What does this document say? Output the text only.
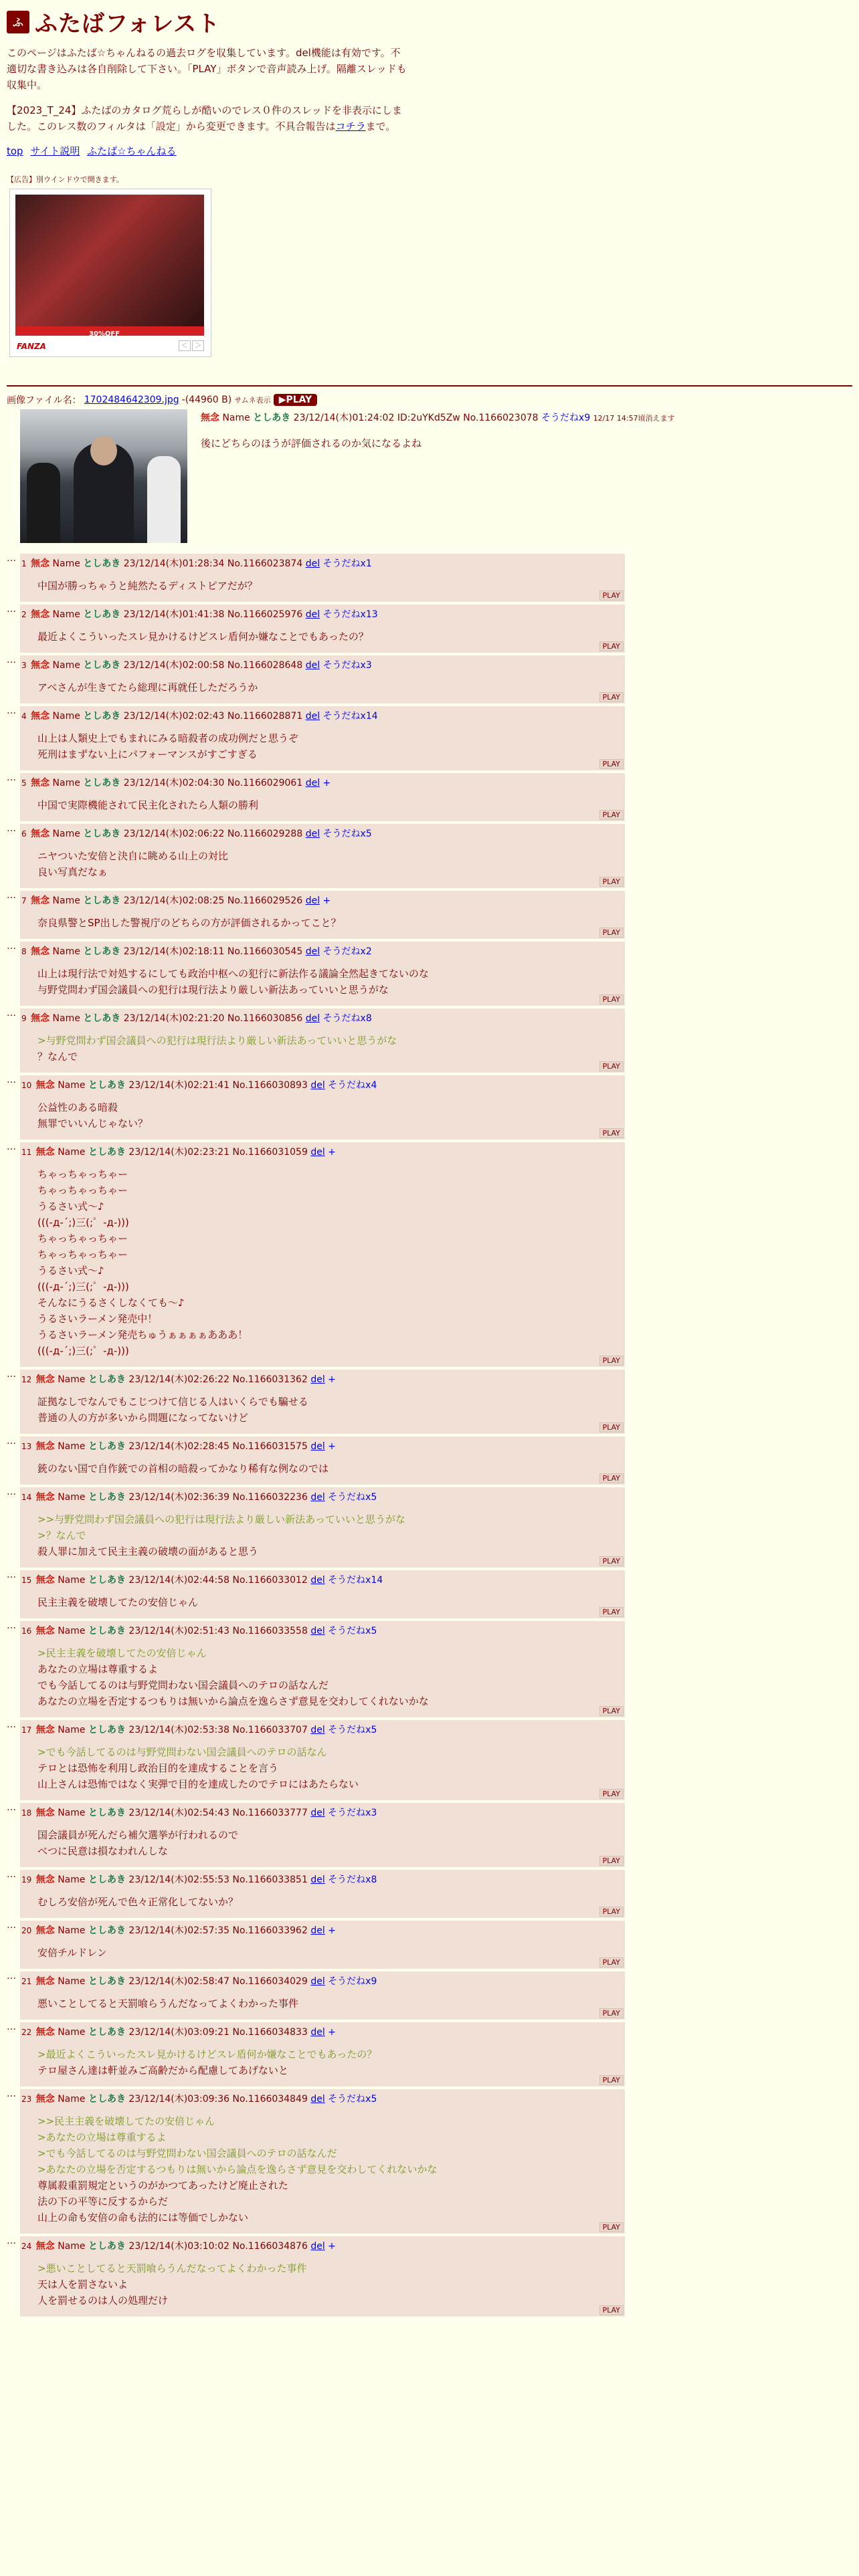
ふ ふたばフォレスト

このページはふたば☆ちゃんねるの過去ログを収集しています。del機能は有効です。不適切な書き込みは各自削除して下さい。「PLAY」ボタンで音声読み上げ。隔離スレッドも収集中。

【2023_T_24】ふたばのカタログ荒らしが酷いのでレス０件のスレッドを非表示にしました。このレス数のフィルタは「設定」から変更できます。不具合報告はコチラまで。

top サイト説明 ふたば☆ちゃんねる
【広告】別ウインドウで開きます。
30%OFF
FANZA	＜ ＞
画像ファイル名： 1702484642309.jpg -(44960 B) サムネ表示 ▶PLAY
無念 Name としあき 23/12/14(木)01:24:02 ID:2uYKd5Zw No.1166023078 そうだねx9 12/17 14:57頃消えます
後にどちらのほうが評価されるのか気になるよね
… 1 無念 Name としあき 23/12/14(木)01:28:34 No.1166023874 del そうだねx1
中国が勝っちゃうと純然たるディストピアだが？
PLAY
… 2 無念 Name としあき 23/12/14(木)01:41:38 No.1166025976 del そうだねx13
最近よくこういったスレ見かけるけどスレ盾何か嫌なことでもあったの？
PLAY
… 3 無念 Name としあき 23/12/14(木)02:00:58 No.1166028648 del そうだねx3
アベさんが生きてたら総理に再就任しただろうか
PLAY
… 4 無念 Name としあき 23/12/14(木)02:02:43 No.1166028871 del そうだねx14
山上は人類史上でもまれにみる暗殺者の成功例だと思うぞ
死刑はまずない上にパフォーマンスがすごすぎる
PLAY
… 5 無念 Name としあき 23/12/14(木)02:04:30 No.1166029061 del +
中国で実際機能されて民主化されたら人類の勝利
PLAY
… 6 無念 Name としあき 23/12/14(木)02:06:22 No.1166029288 del そうだねx5
ニヤついた安倍と決自に眺める山上の対比
良い写真だなぁ
PLAY
… 7 無念 Name としあき 23/12/14(木)02:08:25 No.1166029526 del +
奈良県警とSP出した警視庁のどちらの方が評価されるかってこと？
PLAY
… 8 無念 Name としあき 23/12/14(木)02:18:11 No.1166030545 del そうだねx2
山上は現行法で対処するにしても政治中枢への犯行に新法作る議論全然起きてないのな
与野党問わず国会議員への犯行は現行法より厳しい新法あっていいと思うがな
PLAY
… 9 無念 Name としあき 23/12/14(木)02:21:20 No.1166030856 del そうだねx8
>与野党問わず国会議員への犯行は現行法より厳しい新法あっていいと思うがな
？なんで
PLAY
… 10 無念 Name としあき 23/12/14(木)02:21:41 No.1166030893 del そうだねx4
公益性のある暗殺
無罪でいいんじゃない？
PLAY
… 11 無念 Name としあき 23/12/14(木)02:23:21 No.1166031059 del +
ちゃっちゃっちゃー
ちゃっちゃっちゃー
うるさい式〜♪
(((-д-´;)三(;゜-д-)))
ちゃっちゃっちゃー
ちゃっちゃっちゃー
うるさい式〜♪
(((-д-´;)三(;゜-д-)))
そんなにうるさくしなくても〜♪
うるさいラーメン発売中！
うるさいラーメン発売ちゅうぁぁぁぁあああ！
(((-д-´;)三(;゜-д-)))
PLAY
… 12 無念 Name としあき 23/12/14(木)02:26:22 No.1166031362 del +
証拠なしでなんでもこじつけて信じる人はいくらでも騙せる
普通の人の方が多いから問題になってないけど
PLAY
… 13 無念 Name としあき 23/12/14(木)02:28:45 No.1166031575 del +
銃のない国で自作銃での首相の暗殺ってかなり稀有な例なのでは
PLAY
… 14 無念 Name としあき 23/12/14(木)02:36:39 No.1166032236 del そうだねx5
>>与野党問わず国会議員への犯行は現行法より厳しい新法あっていいと思うがな
>？なんで
殺人罪に加えて民主主義の破壊の面があると思う
PLAY
… 15 無念 Name としあき 23/12/14(木)02:44:58 No.1166033012 del そうだねx14
民主主義を破壊してたの安倍じゃん
PLAY
… 16 無念 Name としあき 23/12/14(木)02:51:43 No.1166033558 del そうだねx5
>民主主義を破壊してたの安倍じゃん
あなたの立場は尊重するよ
でも今話してるのは与野党問わない国会議員へのテロの話なんだ
あなたの立場を否定するつもりは無いから論点を逸らさず意見を交わしてくれないかな
PLAY
… 17 無念 Name としあき 23/12/14(木)02:53:38 No.1166033707 del そうだねx5
>でも今話してるのは与野党問わない国会議員へのテロの話なん
テロとは恐怖を利用し政治目的を達成することを言う
山上さんは恐怖ではなく実弾で目的を達成したのでテロにはあたらない
PLAY
… 18 無念 Name としあき 23/12/14(木)02:54:43 No.1166033777 del そうだねx3
国会議員が死んだら補欠選挙が行われるので
べつに民意は損なわれんしな
PLAY
… 19 無念 Name としあき 23/12/14(木)02:55:53 No.1166033851 del そうだねx8
むしろ安倍が死んで色々正常化してないか？
PLAY
… 20 無念 Name としあき 23/12/14(木)02:57:35 No.1166033962 del +
安倍チルドレン
PLAY
… 21 無念 Name としあき 23/12/14(木)02:58:47 No.1166034029 del そうだねx9
悪いことしてると天罰喰らうんだなってよくわかった事件
PLAY
… 22 無念 Name としあき 23/12/14(木)03:09:21 No.1166034833 del +
>最近よくこういったスレ見かけるけどスレ盾何か嫌なことでもあったの？
テロ屋さん達は軒並みご高齢だから配慮してあげないと
PLAY
… 23 無念 Name としあき 23/12/14(木)03:09:36 No.1166034849 del そうだねx5
>>民主主義を破壊してたの安倍じゃん
>あなたの立場は尊重するよ
>でも今話してるのは与野党問わない国会議員へのテロの話なんだ
>あなたの立場を否定するつもりは無いから論点を逸らさず意見を交わしてくれないかな
尊属殺重罰規定というのがかつてあったけど廃止された
法の下の平等に反するからだ
山上の命も安倍の命も法的には等価でしかない
PLAY
… 24 無念 Name としあき 23/12/14(木)03:10:02 No.1166034876 del +
>悪いことしてると天罰喰らうんだなってよくわかった事件
天は人を罰さないよ
人を罰せるのは人の処理だけ
PLAY
